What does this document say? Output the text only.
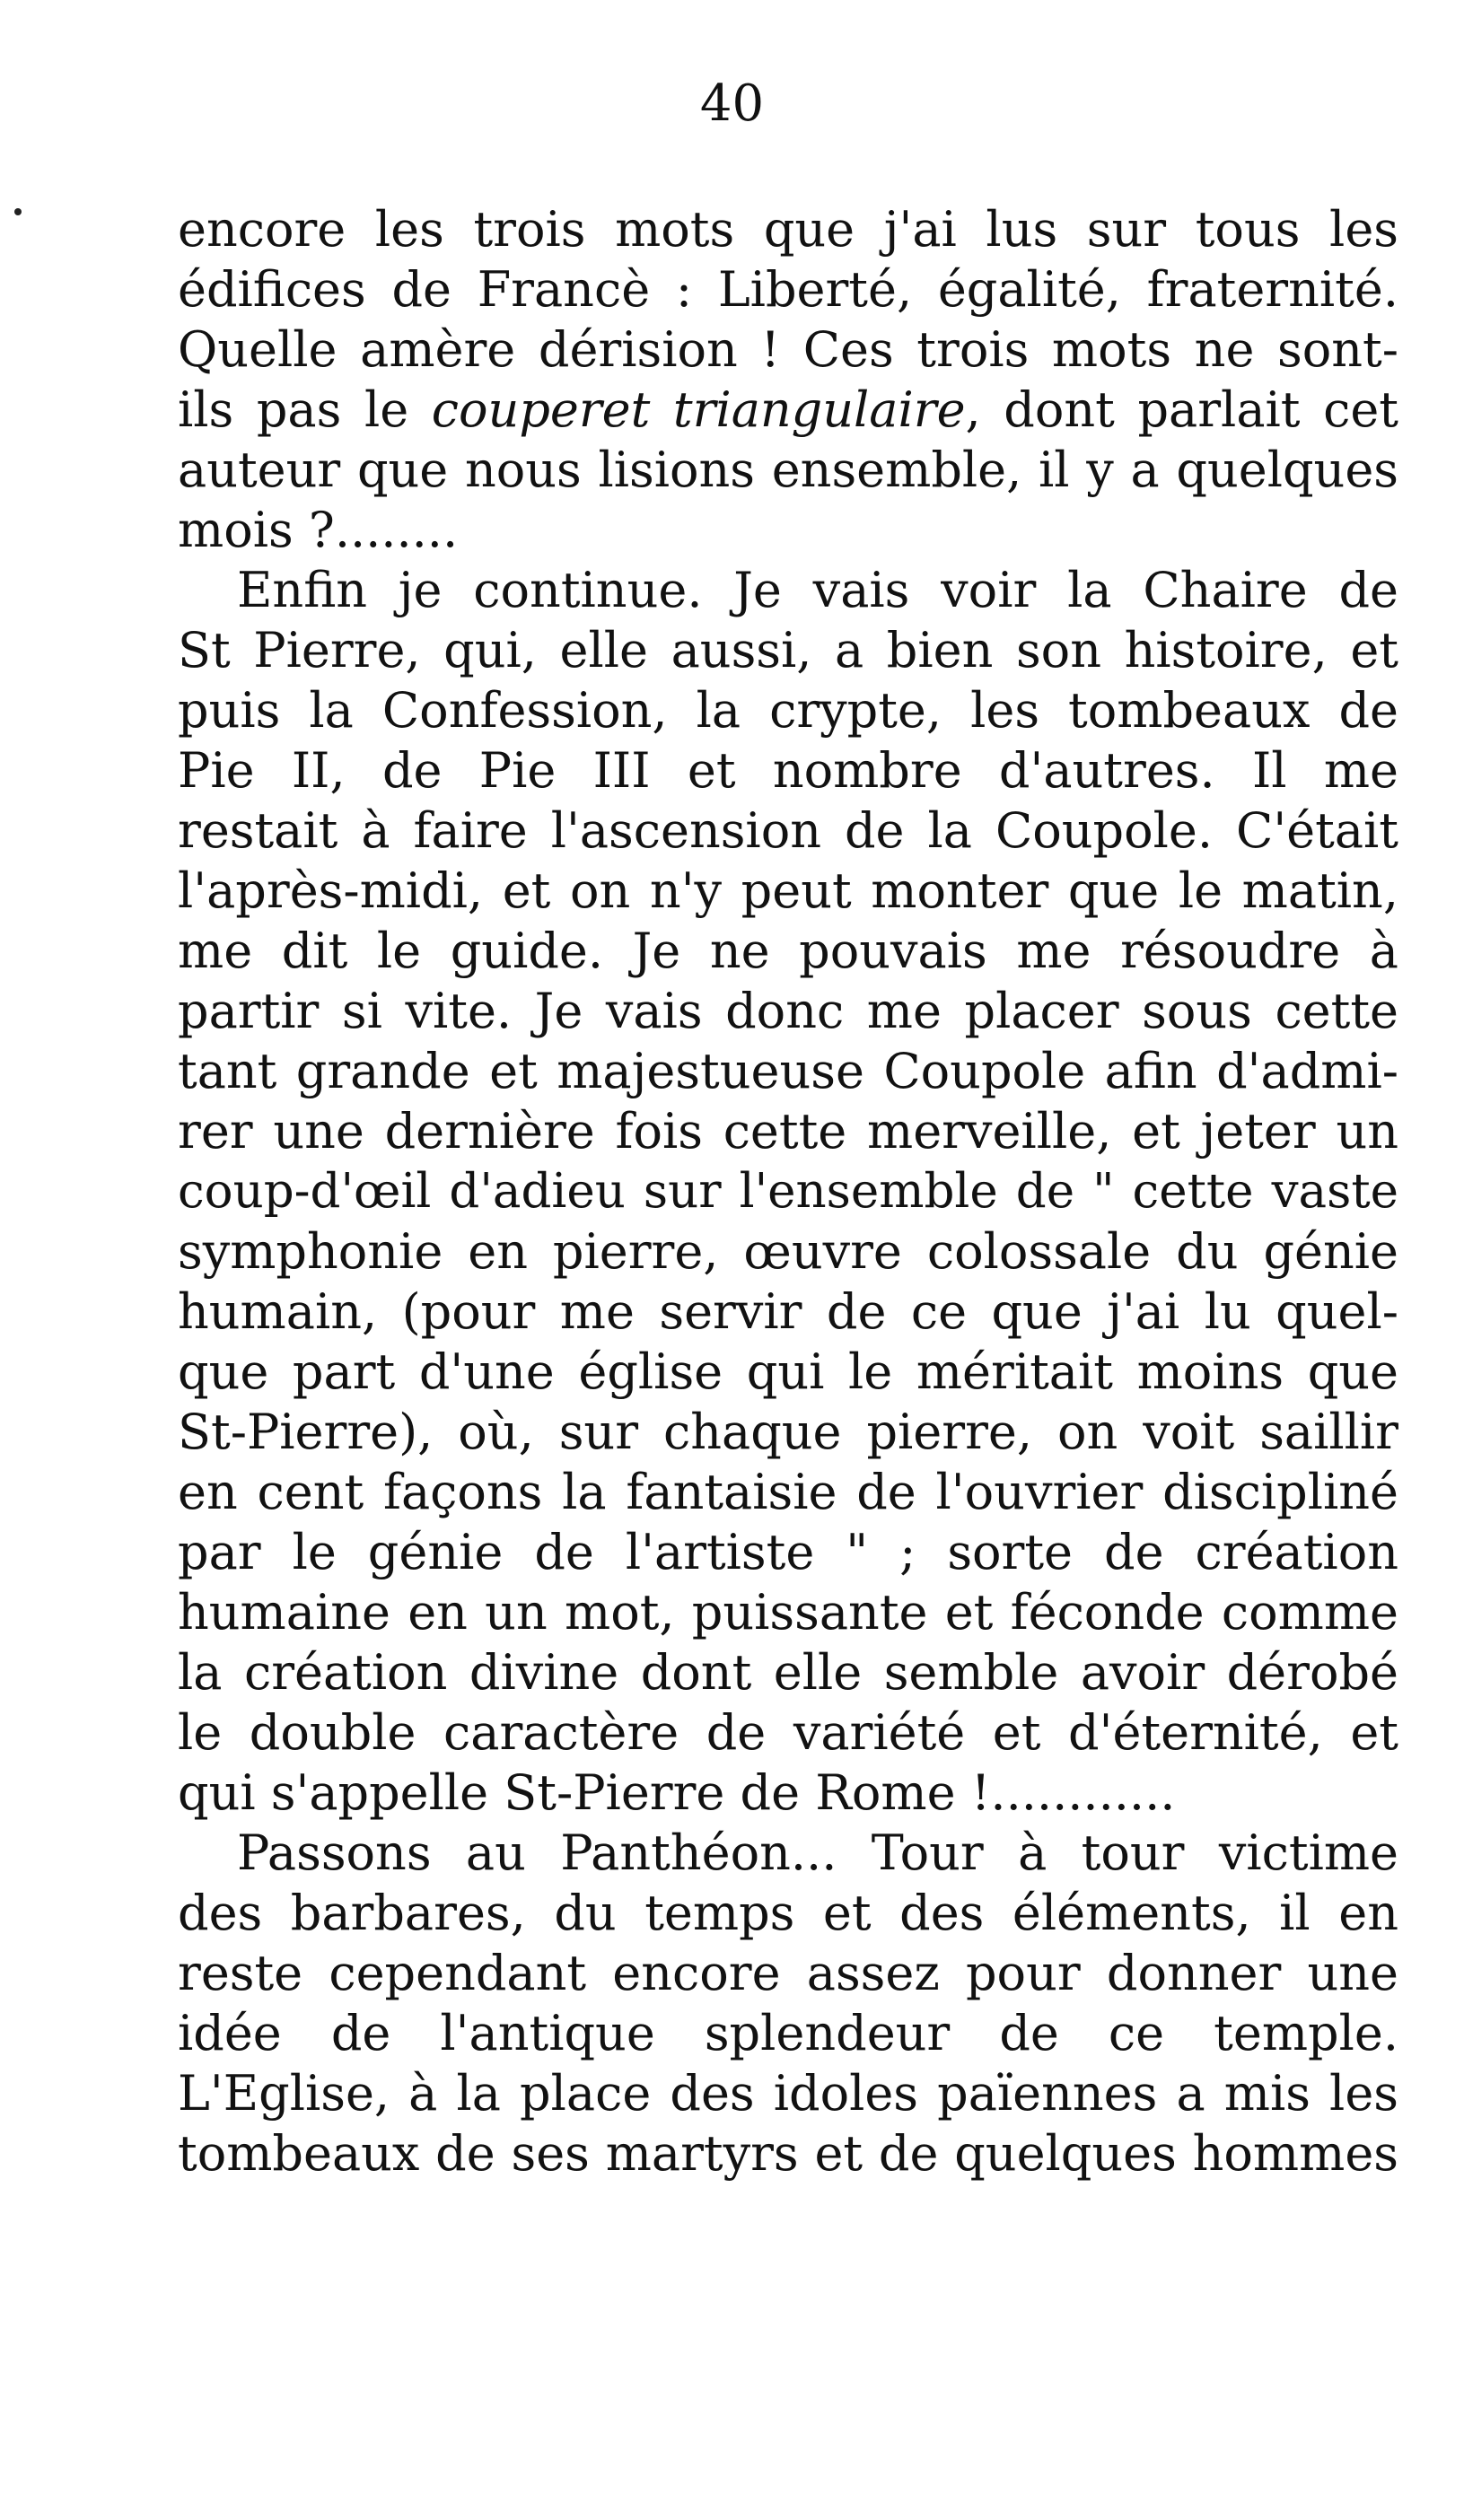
40
encore les trois mots que j'ai lus sur tous les
édifices de Francè : Liberté, égalité, fraternité.
Quelle amère dérision ! Ces trois mots ne sont-
ils pas le couperet triangulaire, dont parlait cet
auteur que nous lisions ensemble, il y a quelques
mois ?........
Enfin je continue. Je vais voir la Chaire de
St Pierre, qui, elle aussi, a bien son histoire, et
puis la Confession, la crypte, les tombeaux de
Pie II, de Pie III et nombre d'autres. Il me
restait à faire l'ascension de la Coupole. C'était
l'après-midi, et on n'y peut monter que le matin,
me dit le guide. Je ne pouvais me résoudre à
partir si vite. Je vais donc me placer sous cette
tant grande et majestueuse Coupole afin d'admi-
rer une dernière fois cette merveille, et jeter un
coup-d'œil d'adieu sur l'ensemble de " cette vaste
symphonie en pierre, œuvre colossale du génie
humain, (pour me servir de ce que j'ai lu quel-
que part d'une église qui le méritait moins que
St-Pierre), où, sur chaque pierre, on voit saillir
en cent façons la fantaisie de l'ouvrier discipliné
par le génie de l'artiste " ; sorte de création
humaine en un mot, puissante et féconde comme
la création divine dont elle semble avoir dérobé
le double caractère de variété et d'éternité, et
qui s'appelle St-Pierre de Rome !............
Passons au Panthéon... Tour à tour victime
des barbares, du temps et des éléments, il en
reste cependant encore assez pour donner une
idée de l'antique splendeur de ce temple.
L'Eglise, à la place des idoles païennes a mis les
tombeaux de ses martyrs et de quelques hommes
